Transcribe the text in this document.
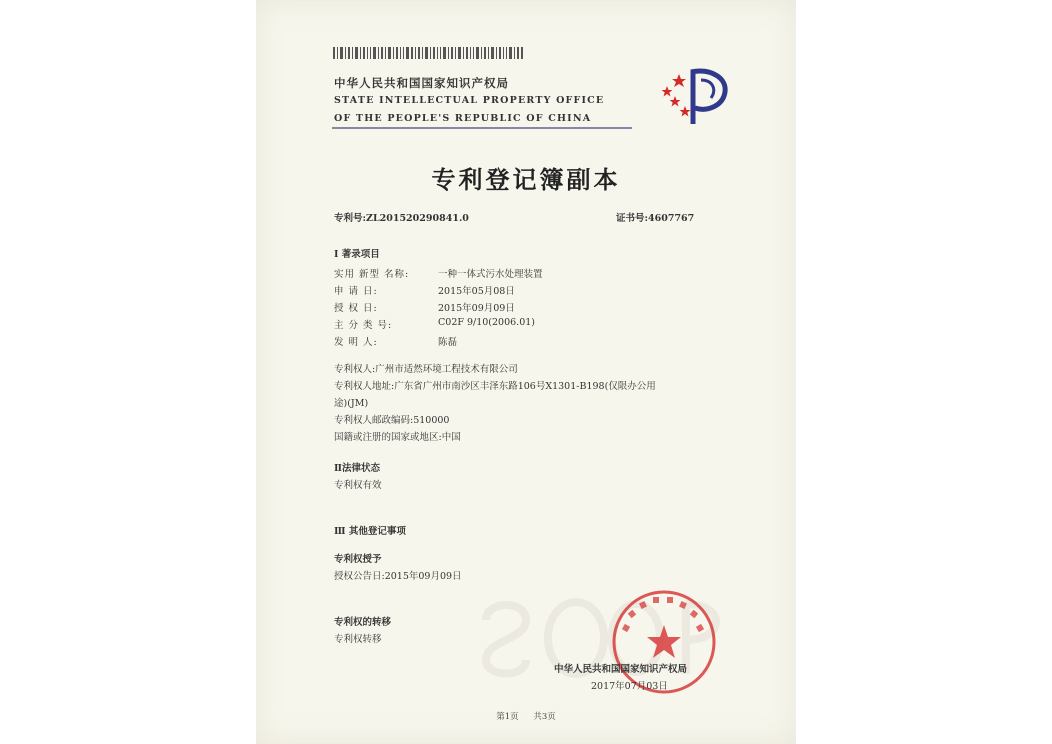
中华人民共和国国家知识产权局
STATE INTELLECTUAL PROPERTY OFFICE
OF THE PEOPLE'S REPUBLIC OF CHINA
专利登记簿副本
专利号:ZL201520290841.0	证书号:4607767
Ⅰ 著录项目
实用 新型 名称:	一种一体式污水处理装置
申 请 日:	2015年05月08日
授 权 日:	2015年09月09日
主 分 类 号:	C02F 9/10(2006.01)
发 明 人:	陈磊
专利权人:广州市适然环境工程技术有限公司
专利权人地址:广东省广州市南沙区丰泽东路106号X1301-B198(仅限办公用
途)(JM)
专利权人邮政编码:510000
国籍或注册的国家或地区:中国
Ⅱ法律状态
专利权有效
Ⅲ 其他登记事项
专利权授予
授权公告日:2015年09月09日
专利权的转移
专利权转移
中华人民共和国国家知识产权局
2017年07月03日
第1页 共3页
